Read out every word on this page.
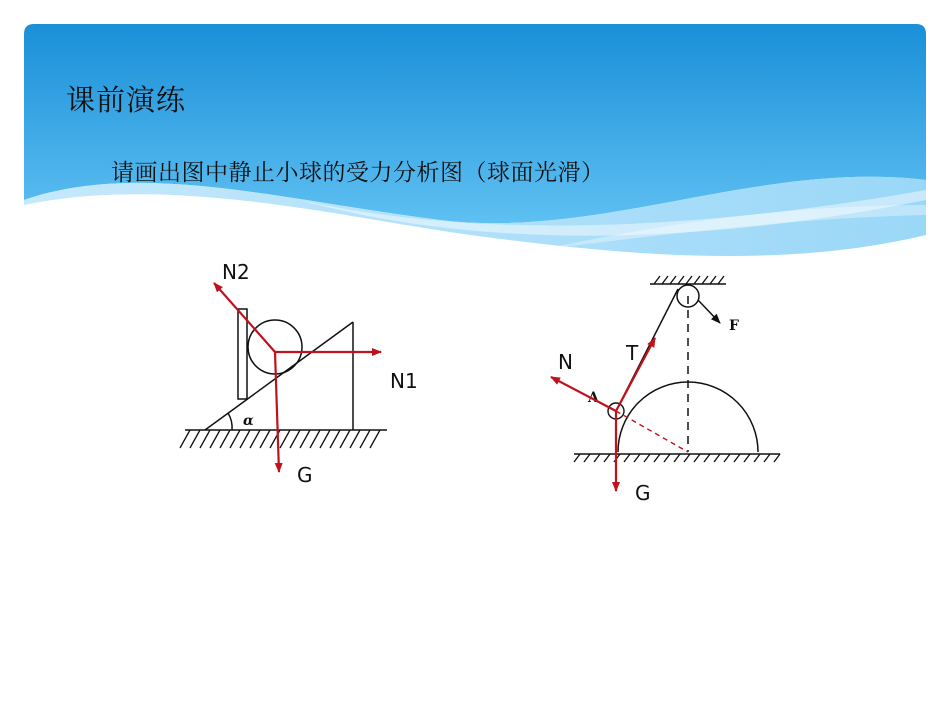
课前演练
请画出图中静止小球的受力分析图（球面光滑）
α
N2
N1
G
F
A
N	T
G
